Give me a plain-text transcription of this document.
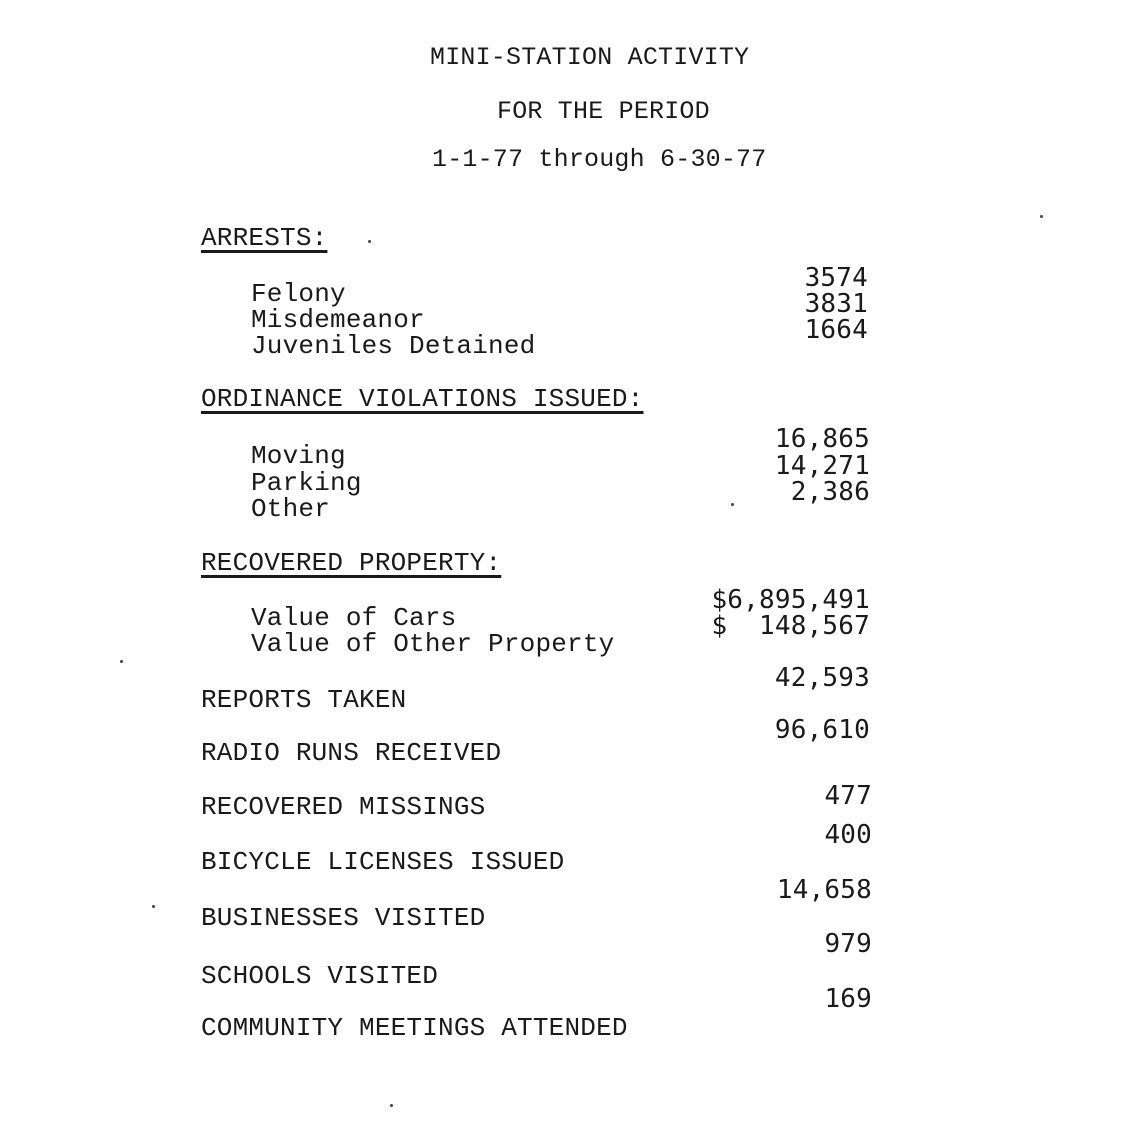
MINI-STATION ACTIVITY
FOR THE PERIOD
1-1-77 through 6-30-77
ARRESTS:
Felony
Misdemeanor
Juveniles Detained
3574
3831
1664
ORDINANCE VIOLATIONS ISSUED:
Moving
Parking
Other
16,865
14,271
2,386
RECOVERED PROPERTY:
Value of Cars
Value of Other Property
$6,895,491
$  148,567
REPORTS TAKEN
42,593
RADIO RUNS RECEIVED
96,610
RECOVERED MISSINGS	477
BICYCLE LICENSES ISSUED
400
BUSINESSES VISITED
14,658
SCHOOLS VISITED
979
COMMUNITY MEETINGS ATTENDED
169
